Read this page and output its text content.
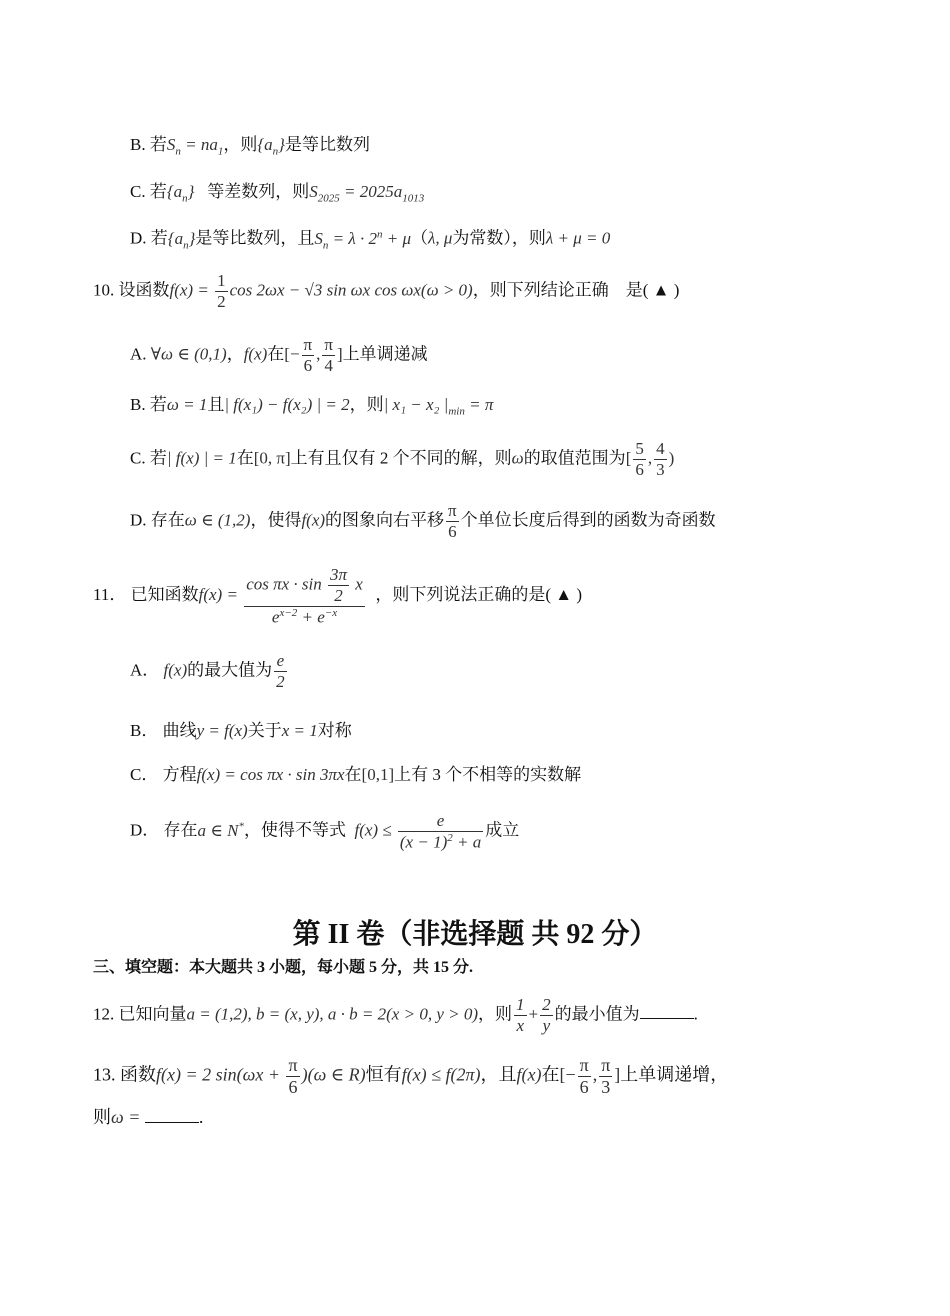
B. 若$S_n = na_1$，则$\{a_n\}$是等比数列
C. 若$\{a_n\}$ 等差数列，则$S_{2025} = 2025a_{1013}$
D. 若$\{a_n\}$是等比数列，且$S_n = \lambda \cdot 2^n + \mu(\lambda$, μ为常数），则λ + μ = 0
10. 设函数$f(x) = \frac{1}{2}$ cos 2ωx − √3 sin ωx cos ωx(ω > 0)，则下列结论正确　是( ▲ )
A. ∀ω ∈ (0,1)，f(x)在[− $\frac{\pi}{6}$ , $\frac{\pi}{4}$ ]上单调递减
B. 若ω = 1且| f(x₁) − f(x₂) | = 2，则| x₁ − x₂ $|_{min} = \pi$
C. 若| f(x) | = 1在[0, π]上有且仅有 2 个不同的解，则ω的取值范围为[ $\frac{5}{6}$ , $\frac{4}{3}$ )
D. 存在ω ∈ (1,2)，使得f(x)的图象向右平移 $\frac{\pi}{6}$ 个单位长度后得到的函数为奇函数
11． 已知函数$f(x) = \frac{\cos \pi x \cdot \sin \frac{3\pi}{2} x}{e^{x-2} + e^{-x}}$ ，则下列说法正确的是( ▲ )
A． f(x)的最大值为 $\frac{e}{2}$
B． 曲线y = f(x)关于x = 1对称
C． 方程f(x) = cos πx · sin 3πx在[0,1]上有 3 个不相等的实数解
D． 存在a ∈ N*，使得不等式 $f(x) \le \frac{e}{(x - 1)^2 + a}$ 成立
第 II 卷（非选择题 共 92 分）
三、填空题：本大题共 3 小题，每小题 5 分，共 15 分.
12. 已知向量a = (1,2), b = (x, y), a · b = 2(x > 0, y > 0)，则 $\frac{1}{x} + \frac{2}{y}$ 的最小值为	.
13. 函数f(x) = 2 $\sin(\omega x + \frac{\pi}{6} )(\omega$ ∈ R)恒有f(x) ≤ f(2π)，且f(x)在[− $\frac{\pi}{6}$ , $\frac{\pi}{3}$ ]上单调递增，
则ω =	.
